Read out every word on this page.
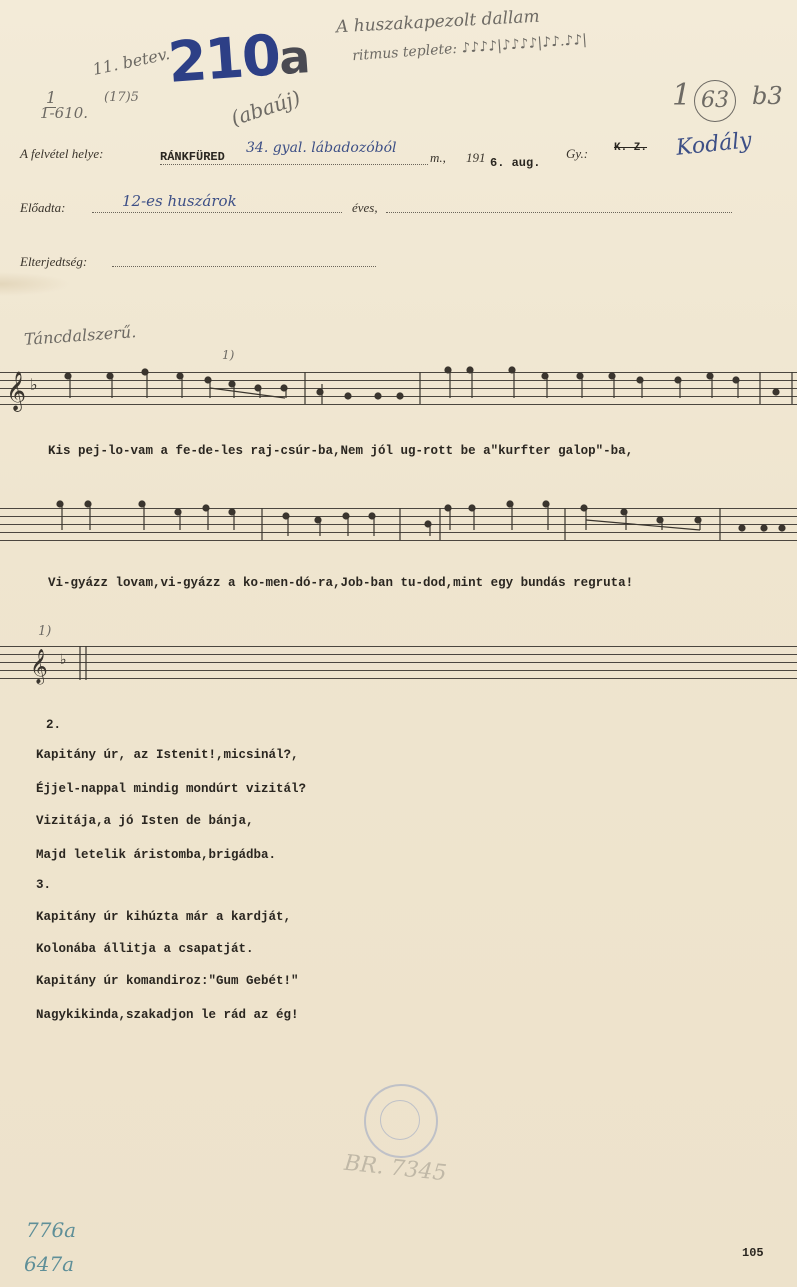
11. betev.
1
1-610.
(17)5
210a
A huszakapezolt dallam
ritmus teplete: ♪♪♪♪|♪♪♪♪|♪♪.♪♪|
1 63 b3
(abaúj)
A felvétel helye:	RÁNKFÜRED
34. gyal. lábadozóból
m., 191 6. aug.
Gy.: K. Z. Kodály
Előadta:	12-es huszárok	éves,
Elterjedtség:
Táncdalszerű.
1)
𝄞 ♭
Kis pej-lo-vam a fe-de-les raj-csúr-ba,Nem jól ug-rott be a"kurfter galop"-ba,
Vi-gyázz lovam,vi-gyázz a ko-men-dó-ra,Job-ban tu-dod,mint egy bundás regruta!
1)
𝄞 ♭
2.
Kapitány úr, az Istenit!,micsinál?,
Éjjel-nappal mindig mondúrt vizitál?
Vizitája,a jó Isten de bánja,
Majd letelik áristomba,brigádba.
3.
Kapitány úr kihúzta már a kardját,
Kolonába állitja a csapatját.
Kapitány úr komandiroz:"Gum Gebét!"
Nagykikinda,szakadjon le rád az ég!
BR. 7345
776a
647a	105
